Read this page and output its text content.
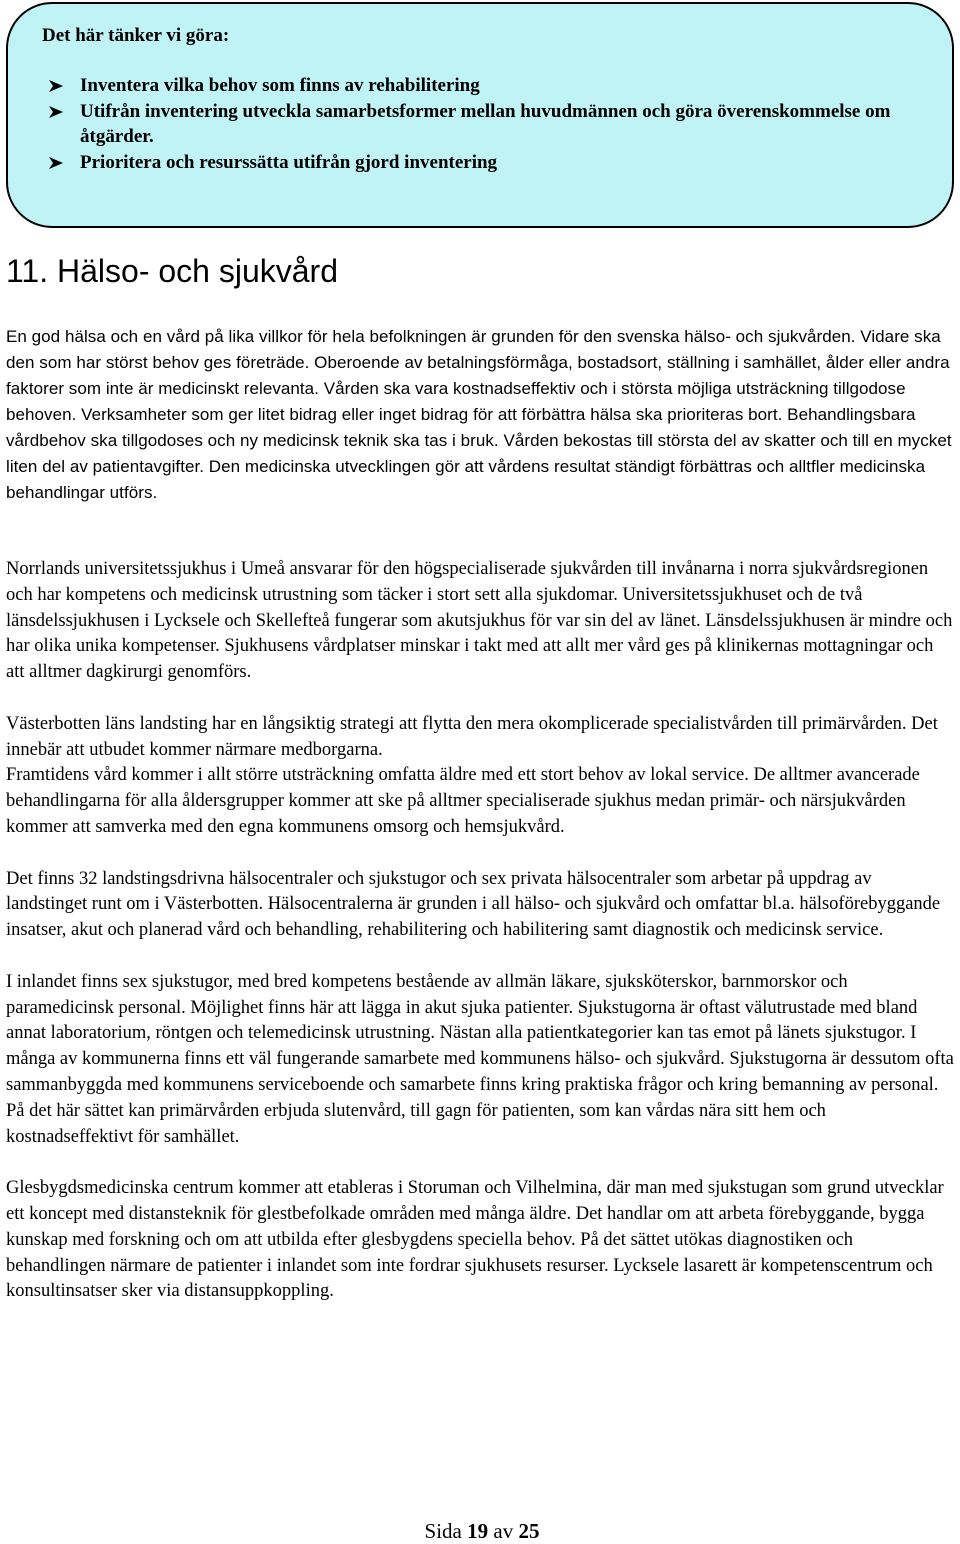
Det här tänker vi göra:
Inventera vilka behov som finns av rehabilitering
Utifrån inventering utveckla samarbetsformer mellan huvudmännen och göra överenskommelse om åtgärder.
Prioritera och resurssätta utifrån gjord inventering
11. Hälso- och sjukvård

En god hälsa och en vård på lika villkor för hela befolkningen är grunden för den svenska hälso- och sjukvården. Vidare ska den som har störst behov ges företräde. Oberoende av betalningsförmåga, bostadsort, ställning i samhället, ålder eller andra faktorer som inte är medicinskt relevanta. Vården ska vara kostnadseffektiv och i största möjliga utsträckning tillgodose behoven. Verksamheter som ger litet bidrag eller inget bidrag för att förbättra hälsa ska prioriteras bort. Behandlingsbara vårdbehov ska tillgodoses och ny medicinsk teknik ska tas i bruk. Vården bekostas till största del av skatter och till en mycket liten del av patientavgifter. Den medicinska utvecklingen gör att vårdens resultat ständigt förbättras och alltfler medicinska behandlingar utförs.

Norrlands universitetssjukhus i Umeå ansvarar för den högspecialiserade sjukvården till invånarna i norra sjukvårdsregionen och har kompetens och medicinsk utrustning som täcker i stort sett alla sjukdomar. Universitetssjukhuset och de två länsdelssjukhusen i Lycksele och Skellefteå fungerar som akutsjukhus för var sin del av länet. Länsdelssjukhusen är mindre och har olika unika kompetenser. Sjukhusens vårdplatser minskar i takt med att allt mer vård ges på klinikernas mottagningar och att alltmer dagkirurgi genomförs.

Västerbotten läns landsting har en långsiktig strategi att flytta den mera okomplicerade specialistvården till primärvården. Det innebär att utbudet kommer närmare medborgarna.

Framtidens vård kommer i allt större utsträckning omfatta äldre med ett stort behov av lokal service. De alltmer avancerade behandlingarna för alla åldersgrupper kommer att ske på alltmer specialiserade sjukhus medan primär- och närsjukvården kommer att samverka med den egna kommunens omsorg och hemsjukvård.

Det finns 32 landstingsdrivna hälsocentraler och sjukstugor och sex privata hälsocentraler som arbetar på uppdrag av landstinget runt om i Västerbotten. Hälsocentralerna är grunden i all hälso- och sjukvård och omfattar bl.a. hälsoförebyggande insatser, akut och planerad vård och behandling, rehabilitering och habilitering samt diagnostik och medicinsk service.

I inlandet finns sex sjukstugor, med bred kompetens bestående av allmän läkare, sjuksköterskor, barnmorskor och paramedicinsk personal. Möjlighet finns här att lägga in akut sjuka patienter. Sjukstugorna är oftast välutrustade med bland annat laboratorium, röntgen och telemedicinsk utrustning. Nästan alla patientkategorier kan tas emot på länets sjukstugor. I många av kommunerna finns ett väl fungerande samarbete med kommunens hälso- och sjukvård. Sjukstugorna är dessutom ofta sammanbyggda med kommunens serviceboende och samarbete finns kring praktiska frågor och kring bemanning av personal. På det här sättet kan primärvården erbjuda slutenvård, till gagn för patienten, som kan vårdas nära sitt hem och kostnadseffektivt för samhället.

Glesbygdsmedicinska centrum kommer att etableras i Storuman och Vilhelmina, där man med sjukstugan som grund utvecklar ett koncept med distansteknik för glestbefolkade områden med många äldre. Det handlar om att arbeta förebyggande, bygga kunskap med forskning och om att utbilda efter glesbygdens speciella behov. På det sättet utökas diagnostiken och behandlingen närmare de patienter i inlandet som inte fordrar sjukhusets resurser. Lycksele lasarett är kompetenscentrum och konsultinsatser sker via distansuppkoppling.

Sida 19 av 25
